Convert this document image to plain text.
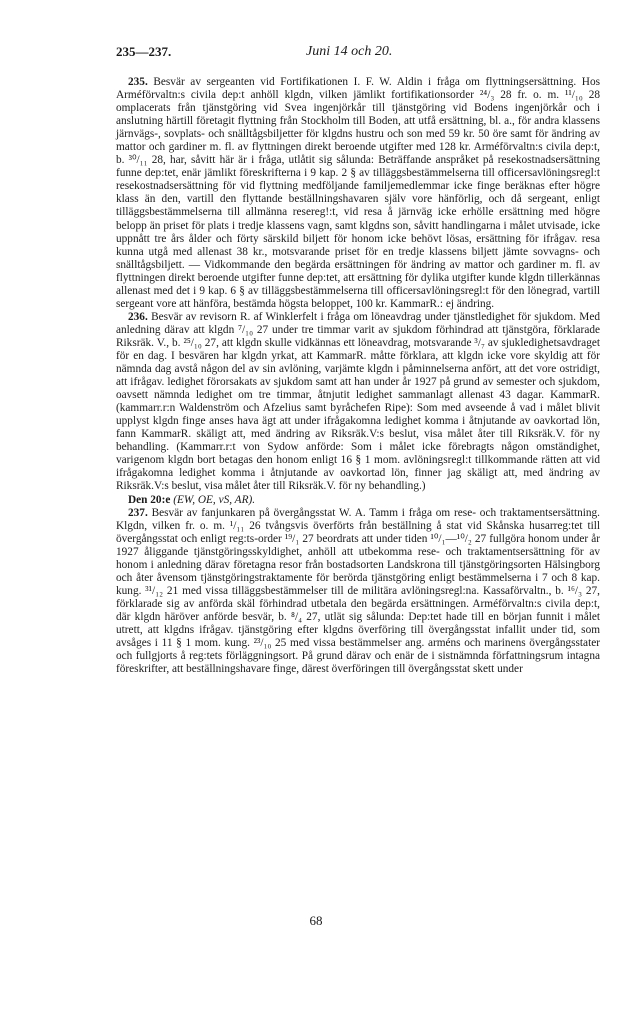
235—237.	Juni 14 och 20.

235. Besvär av sergeanten vid Fortifikationen I. F. W. Aldin i fråga om flyttningsersättning. Hos Arméförvaltn:s civila dep:t anhöll klgdn, vilken jämlikt fortifikationsorder ²⁴/₃ 28 fr. o. m. ¹¹/₁₀ 28 omplacerats från tjänstgöring vid Svea ingenjörkår till tjänstgöring vid Bodens ingenjörkår och i anslutning härtill företagit flyttning från Stockholm till Boden, att utfå ersättning, bl. a., för andra klassens järnvägs-, sovplats- och snälltågsbiljetter för klgdns hustru och son med 59 kr. 50 öre samt för ändring av mattor och gardiner m. fl. av flyttningen direkt beroende utgifter med 128 kr. Arméförvaltn:s civila dep:t, b. ³⁰/₁₁ 28, har, såvitt här är i fråga, utlåtit sig sålunda: Beträffande anspråket på resekostnadsersättning funne dep:tet, enär jämlikt föreskrifterna i 9 kap. 2 § av tilläggsbestämmelserna till officersavlöningsregl:t resekostnadsersättning för vid flyttning medföljande familjemedlemmar icke finge beräknas efter högre klass än den, vartill den flyttande beställningshavaren själv vore hänförlig, och då sergeant, enligt tilläggsbestämmelserna till allmänna resereg!:t, vid resa å järnväg icke erhölle ersättning med högre belopp än priset för plats i tredje klassens vagn, samt klgdns son, såvitt handlingarna i målet utvisade, icke uppnått tre års ålder och förty särskild biljett för honom icke behövt lösas, ersättning för ifrågav. resa kunna utgå med allenast 38 kr., motsvarande priset för en tredje klassens biljett jämte sovvagns- och snälltågsbiljett. — Vidkommande den begärda ersättningen för ändring av mattor och gardiner m. fl. av flyttningen direkt beroende utgifter funne dep:tet, att ersättning för dylika utgifter kunde klgdn tillerkännas allenast med det i 9 kap. 6 § av tilläggsbestämmelserna till officersavlöningsregl:t för den lönegrad, vartill sergeant vore att hänföra, bestämda högsta beloppet, 100 kr. KammarR.: ej ändring.

236. Besvär av revisorn R. af Winklerfelt i fråga om löneavdrag under tjänstledighet för sjukdom. Med anledning därav att klgdn ⁷/₁₀ 27 under tre timmar varit av sjukdom förhindrad att tjänstgöra, förklarade Riksräk. V., b. ²⁵/₁₀ 27, att klgdn skulle vidkännas ett löneavdrag, motsvarande ³/₇ av sjukledighetsavdraget för en dag. I besvären har klgdn yrkat, att KammarR. måtte förklara, att klgdn icke vore skyldig att för nämnda dag avstå någon del av sin avlöning, varjämte klgdn i påminnelserna anfört, att det vore ostridigt, att ifrågav. ledighet förorsakats av sjukdom samt att han under år 1927 på grund av semester och sjukdom, oavsett nämnda ledighet om tre timmar, åtnjutit ledighet sammanlagt allenast 43 dagar. KammarR. (kammarr.r:n Waldenström och Afzelius samt byråchefen Ripe): Som med avseende å vad i målet blivit upplyst klgdn finge anses hava ägt att under ifrågakomna ledighet komma i åtnjutande av oavkortad lön, fann KammarR. skäligt att, med ändring av Riksräk.V:s beslut, visa målet åter till Riksräk.V. för ny behandling. (Kammarr.r:t von Sydow anförde: Som i målet icke förebragts någon omständighet, varigenom klgdn bort betagas den honom enligt 16 § 1 mom. avlöningsregl:t tillkommande rätten att vid ifrågakomna ledighet komma i åtnjutande av oavkortad lön, finner jag skäligt att, med ändring av Riksräk.V:s beslut, visa målet åter till Riksräk.V. för ny behandling.)

Den 20:e (EW, OE, vS, AR).

237. Besvär av fanjunkaren på övergångsstat W. A. Tamm i fråga om rese- och traktamentsersättning. Klgdn, vilken fr. o. m. ¹/₁₁ 26 tvångsvis överförts från beställning å stat vid Skånska husarreg:tet till övergångsstat och enligt reg:ts-order ¹⁹/₁ 27 beordrats att under tiden ¹⁰/₁—¹⁰/₂ 27 fullgöra honom under år 1927 åliggande tjänstgöringsskyldighet, anhöll att utbekomma rese- och traktamentsersättning för av honom i anledning därav företagna resor från bostadsorten Landskrona till tjänstgöringsorten Hälsingborg och åter åvensom tjänstgöringstraktamente för berörda tjänstgöring enligt bestämmelserna i 7 och 8 kap. kung. ³¹/₁₂ 21 med vissa tilläggsbestämmelser till de militära avlöningsregl:na. Kassaförvaltn., b. ¹⁶/₃ 27, förklarade sig av anförda skäl förhindrad utbetala den begärda ersättningen. Arméförvaltn:s civila dep:t, där klgdn häröver anförde besvär, b. ⁸/₄ 27, utlät sig sålunda: Dep:tet hade till en början funnit i målet utrett, att klgdns ifrågav. tjänstgöring efter klgdns överföring till övergångsstat infallit under tid, som avsåges i 11 § 1 mom. kung. ²³/₁₀ 25 med vissa bestämmelser ang. arméns och marinens övergångsstater och fullgjorts å reg:tets förläggningsort. På grund därav och enär de i sistnämnda författningsrum intagna föreskrifter, att beställningshavare finge, därest överföringen till övergångsstat skett under

68
